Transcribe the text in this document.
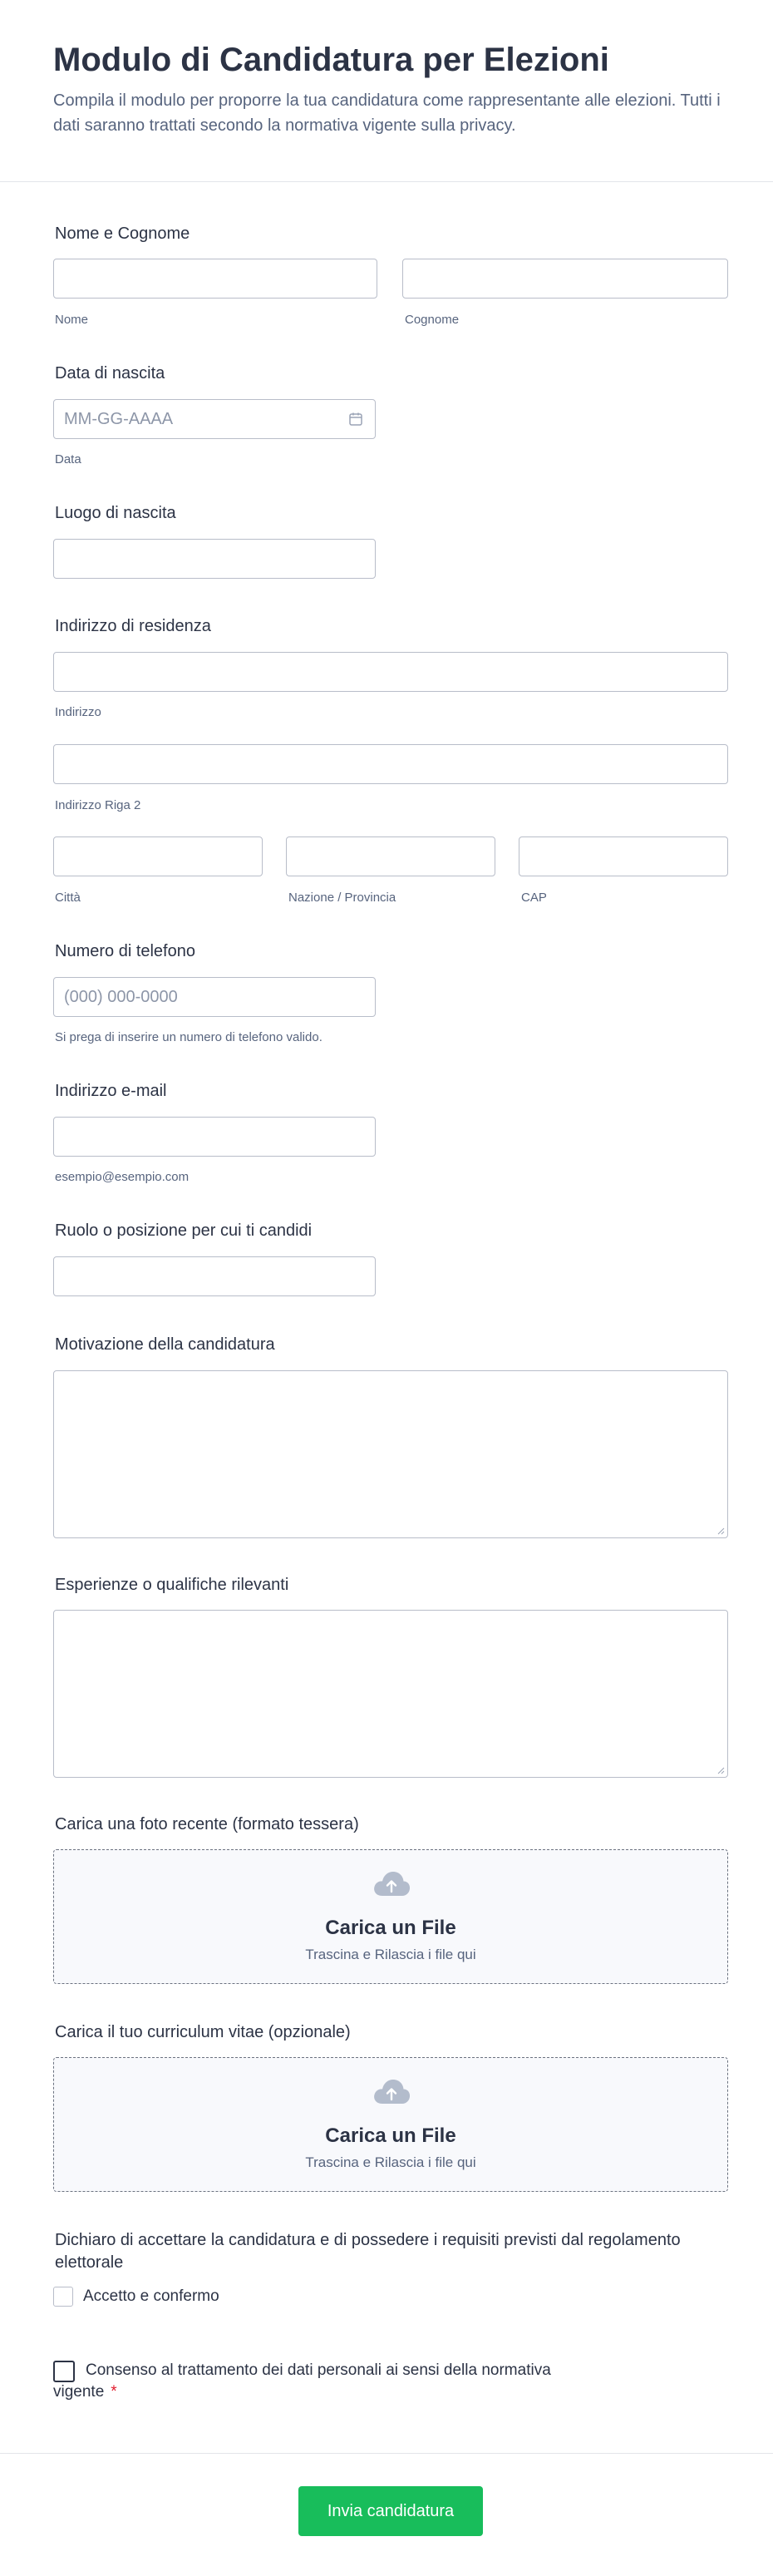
Modulo di Candidatura per Elezioni
Compila il modulo per proporre la tua candidatura come rappresentante alle elezioni. Tutti i dati saranno trattati secondo la normativa vigente sulla privacy.
Nome e Cognome
Nome	Cognome
Data di nascita
MM-GG-AAAA
Data
Luogo di nascita
Indirizzo di residenza
Indirizzo
Indirizzo Riga 2
Città	Nazione / Provincia	CAP
Numero di telefono
(000) 000-0000
Si prega di inserire un numero di telefono valido.
Indirizzo e-mail
esempio@esempio.com
Ruolo o posizione per cui ti candidi
Motivazione della candidatura
Esperienze o qualifiche rilevanti
Carica una foto recente (formato tessera)
Carica un File
Trascina e Rilascia i file qui
Carica il tuo curriculum vitae (opzionale)
Carica un File
Trascina e Rilascia i file qui
Dichiaro di accettare la candidatura e di possedere i requisiti previsti dal regolamento elettorale
Accetto e confermo
Consenso al trattamento dei dati personali ai sensi della normativa
vigente *
Invia candidatura
